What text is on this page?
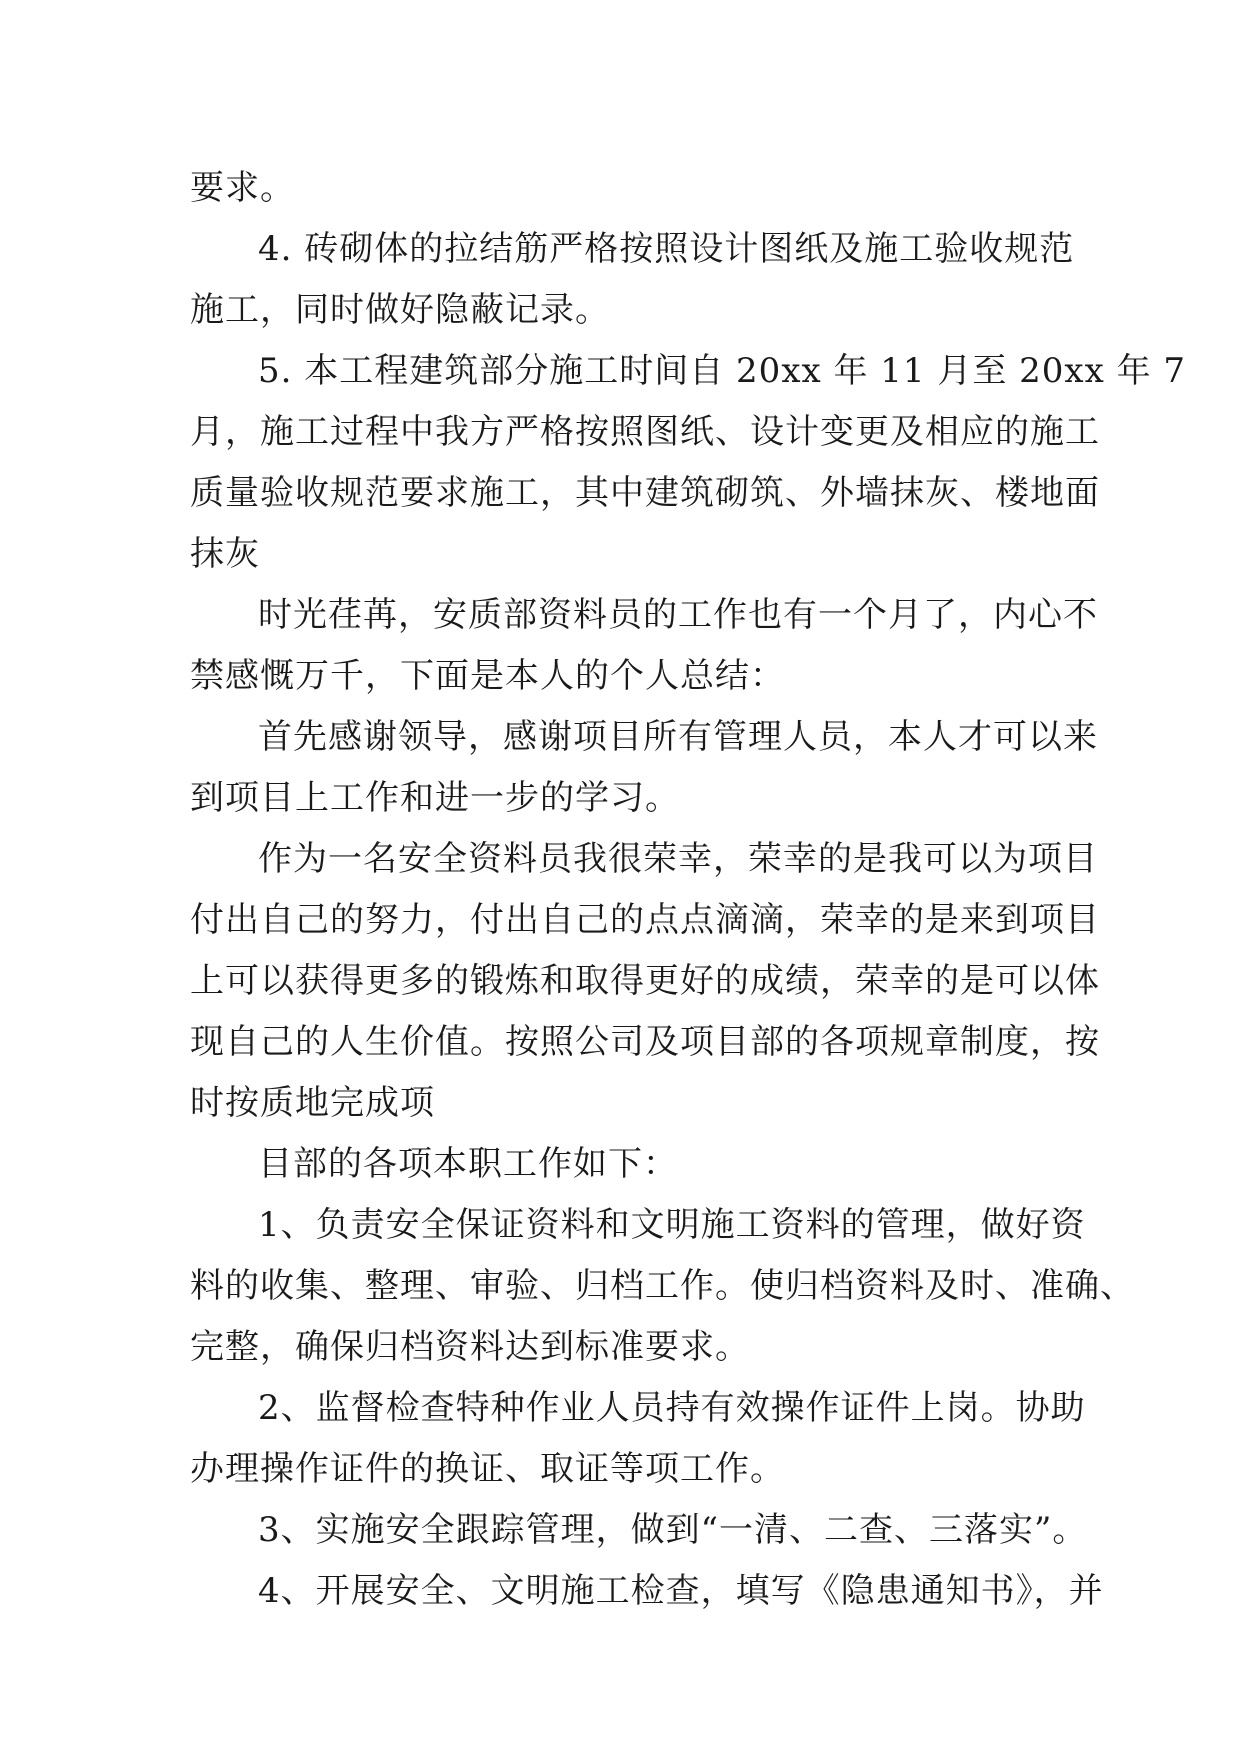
要求。
4. 砖砌体的拉结筋严格按照设计图纸及施工验收规范
施工，同时做好隐蔽记录。
5. 本工程建筑部分施工时间自 20xx 年 11 月至 20xx 年 7
月，施工过程中我方严格按照图纸、设计变更及相应的施工
质量验收规范要求施工，其中建筑砌筑、外墙抹灰、楼地面
抹灰
时光荏苒，安质部资料员的工作也有一个月了，内心不
禁感慨万千，下面是本人的个人总结：
首先感谢领导，感谢项目所有管理人员，本人才可以来
到项目上工作和进一步的学习。
作为一名安全资料员我很荣幸，荣幸的是我可以为项目
付出自己的努力，付出自己的点点滴滴，荣幸的是来到项目
上可以获得更多的锻炼和取得更好的成绩，荣幸的是可以体
现自己的人生价值。按照公司及项目部的各项规章制度，按
时按质地完成项
目部的各项本职工作如下：
1、负责安全保证资料和文明施工资料的管理，做好资
料的收集、整理、审验、归档工作。使归档资料及时、准确、
完整，确保归档资料达到标准要求。
2、监督检查特种作业人员持有效操作证件上岗。协助
办理操作证件的换证、取证等项工作。
3、实施安全跟踪管理，做到“一清、二查、三落实”。
4、开展安全、文明施工检查，填写《隐患通知书》，并
